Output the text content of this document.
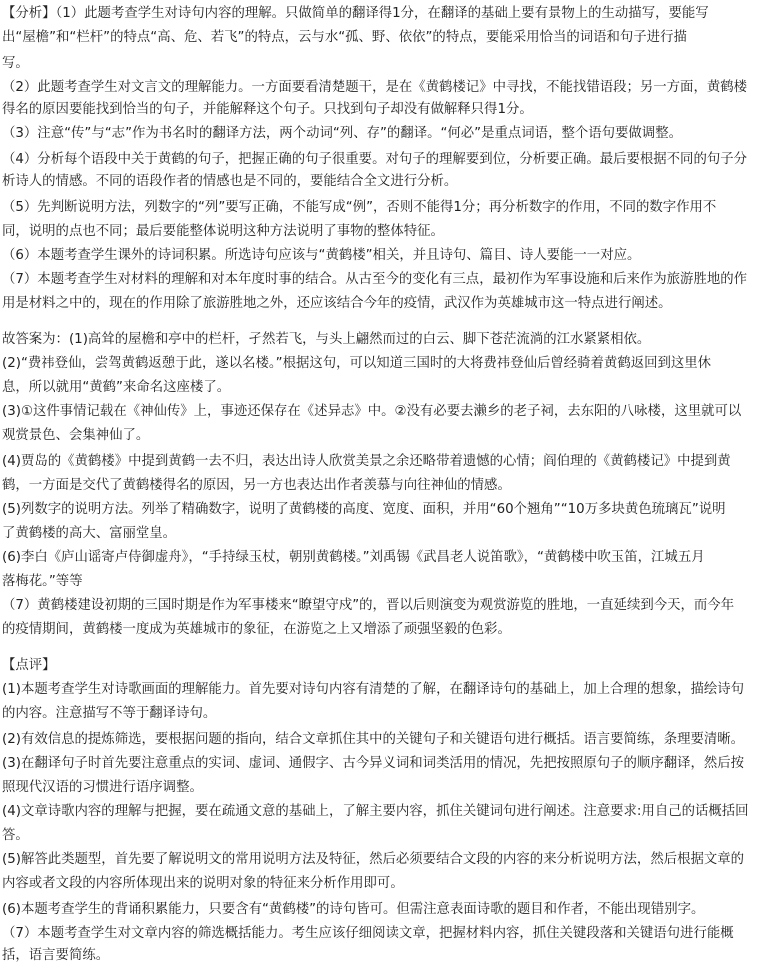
【分析】（1）此题考查学生对诗句内容的理解。只做简单的翻译得1分，在翻译的基础上要有景物上的生动描写，要能写
出“屋檐”和“栏杆”的特点“高、危、若飞”的特点，云与水“孤、野、依依”的特点，要能采用恰当的词语和句子进行描
写。
（2）此题考查学生对文言文的理解能力。一方面要看清楚题干，是在《黄鹤楼记》中寻找，不能找错语段；另一方面，黄鹤楼
得名的原因要能找到恰当的句子，并能解释这个句子。只找到句子却没有做解释只得1分。
（3）注意“传”与“志”作为书名时的翻译方法，两个动词“列、存”的翻译。“何必”是重点词语，整个语句要做调整。
（4）分析每个语段中关于黄鹤的句子，把握正确的句子很重要。对句子的理解要到位，分析要正确。最后要根据不同的句子分
析诗人的情感。不同的语段作者的情感也是不同的，要能结合全文进行分析。
（5）先判断说明方法，列数字的“列”要写正确，不能写成“例”，否则不能得1分；再分析数字的作用，不同的数字作用不
同，说明的点也不同；最后要能整体说明这种方法说明了事物的整体特征。
（6）本题考查学生课外的诗词积累。所选诗句应该与“黄鹤楼”相关，并且诗句、篇目、诗人要能一一对应。
（7）本题考查学生对材料的理解和对本年度时事的结合。从古至今的变化有三点，最初作为军事设施和后来作为旅游胜地的作
用是材料之中的，现在的作用除了旅游胜地之外，还应该结合今年的疫情，武汉作为英雄城市这一特点进行阐述。
故答案为：(1)高耸的屋檐和亭中的栏杆，孑然若飞，与头上翩然而过的白云、脚下苍茫流淌的江水紧紧相依。
(2)“费祎登仙，尝驾黄鹤返憩于此，遂以名楼。”根据这句，可以知道三国时的大将费祎登仙后曾经骑着黄鹤返回到这里休
息，所以就用“黄鹤”来命名这座楼了。
(3)①这件事情记载在《神仙传》上，事迹还保存在《述异志》中。②没有必要去濑乡的老子祠，去东阳的八咏楼，这里就可以
观赏景色、会集神仙了。
(4)贾岛的《黄鹤楼》中提到黄鹤一去不归，表达出诗人欣赏美景之余还略带着遗憾的心情；阎伯理的《黄鹤楼记》中提到黄
鹤，一方面是交代了黄鹤楼得名的原因，另一方也表达出作者羡慕与向往神仙的情感。
(5)列数字的说明方法。列举了精确数字，说明了黄鹤楼的高度、宽度、面积，并用“60个翘角”“10万多块黄色琉璃瓦”说明
了黄鹤楼的高大、富丽堂皇。
(6)李白《庐山谣寄卢侍御虚舟》，“手持绿玉杖，朝别黄鹤楼。”刘禹锡《武昌老人说笛歌》，“黄鹤楼中吹玉笛，江城五月
落梅花。”等等
（7）黄鹤楼建设初期的三国时期是作为军事楼来“瞭望守戍”的，晋以后则演变为观赏游览的胜地，一直延续到今天，而今年
的疫情期间，黄鹤楼一度成为英雄城市的象征，在游览之上又增添了顽强坚毅的色彩。
【点评】
(1)本题考查学生对诗歌画面的理解能力。首先要对诗句内容有清楚的了解，在翻译诗句的基础上，加上合理的想象，描绘诗句
的内容。注意描写不等于翻译诗句。
(2)有效信息的提炼筛选，要根据问题的指向，结合文章抓住其中的关键句子和关键语句进行概括。语言要简练，条理要清晰。
(3)在翻译句子时首先要注意重点的实词、虚词、通假字、古今异义词和词类活用的情况，先把按照原句子的顺序翻译，然后按
照现代汉语的习惯进行语序调整。
(4)文章诗歌内容的理解与把握，要在疏通文意的基础上，了解主要内容，抓住关键词句进行阐述。注意要求:用自己的话概括回
答。
(5)解答此类题型，首先要了解说明文的常用说明方法及特征，然后必须要结合文段的内容的来分析说明方法，然后根据文章的
内容或者文段的内容所体现出来的说明对象的特征来分析作用即可。
(6)本题考查学生的背诵积累能力，只要含有“黄鹤楼”的诗句皆可。但需注意表面诗歌的题目和作者，不能出现错别字。
（7）本题考查学生对文章内容的筛选概括能力。考生应该仔细阅读文章，把握材料内容，抓住关键段落和关键语句进行能概
括，语言要简练。
